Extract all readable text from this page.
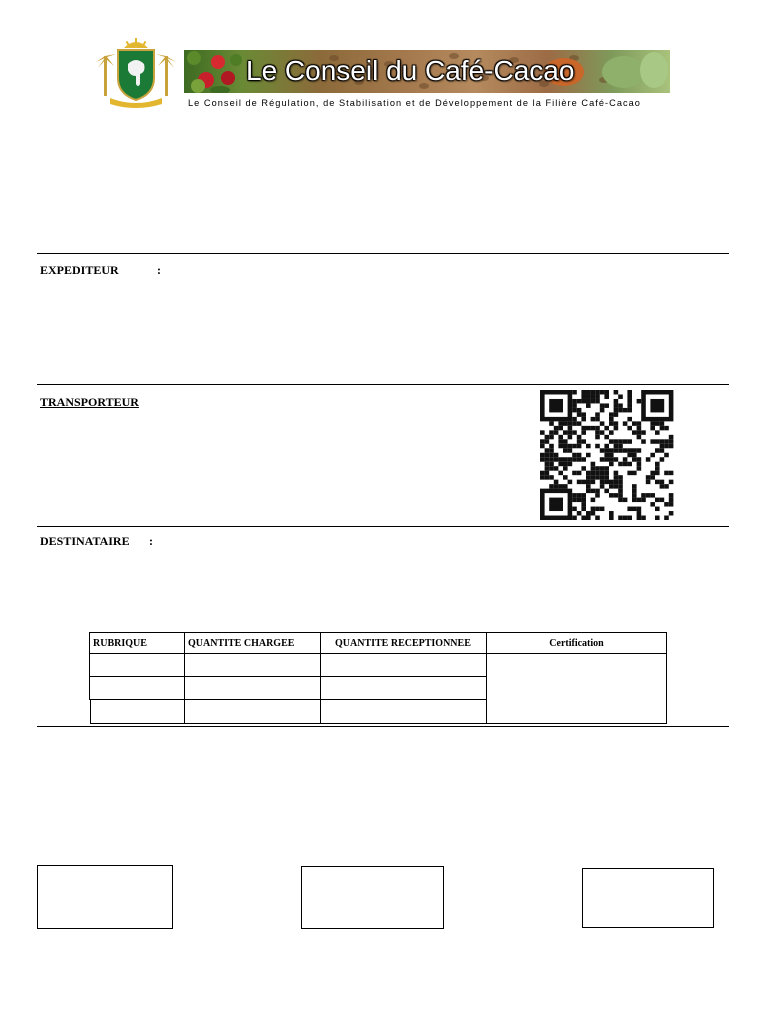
Le Conseil du Café-Cacao
Le Conseil de Régulation, de Stabilisation et de Développement de la Filière Café-Cacao
EXPEDITEUR	:
TRANSPORTEUR
DESTINATAIRE :
RUBRIQUE	QUANTITE CHARGEE	QUANTITE RECEPTIONNEE	Certification
